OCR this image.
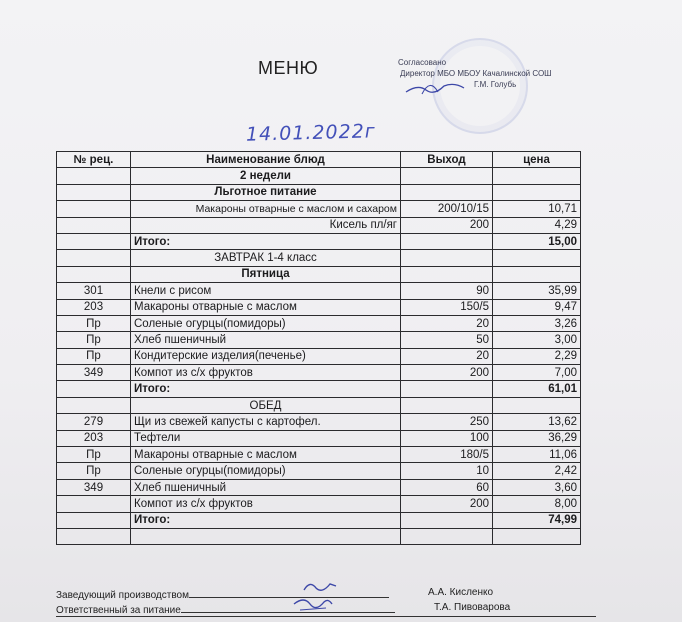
МЕНЮ	Согласовано
Директор МБО МБОУ Качалинской СОШ
Г.М. Голубь
14.01.2022г
№ рец.	Наименование блюд	Выход	цена
	2 недели		
	Льготное питание		
	Макароны отварные с маслом и сахаром	200/10/15	10,71
	Кисель пл/яг	200	4,29
	Итого:		15,00
	ЗАВТРАК 1-4 класс		
	Пятница		
301	Кнели с рисом	90	35,99
203	Макароны отварные с маслом	150/5	9,47
Пр	Соленые огурцы(помидоры)	20	3,26
Пр	Хлеб пшеничный	50	3,00
Пр	Кондитерские изделия(печенье)	20	2,29
349	Компот из с/х фруктов	200	7,00
	Итого:		61,01
	ОБЕД		
279	Щи из свежей капусты с картофел.	250	13,62
203	Тефтели	100	36,29
Пр	Макароны отварные с маслом	180/5	11,06
Пр	Соленые огурцы(помидоры)	10	2,42
349	Хлеб пшеничный	60	3,60
	Компот из с/х фруктов	200	8,00
	Итого:		74,99

Заведующий производством	А.А. Кисленко
Ответственный за питание	Т.А. Пивоварова
